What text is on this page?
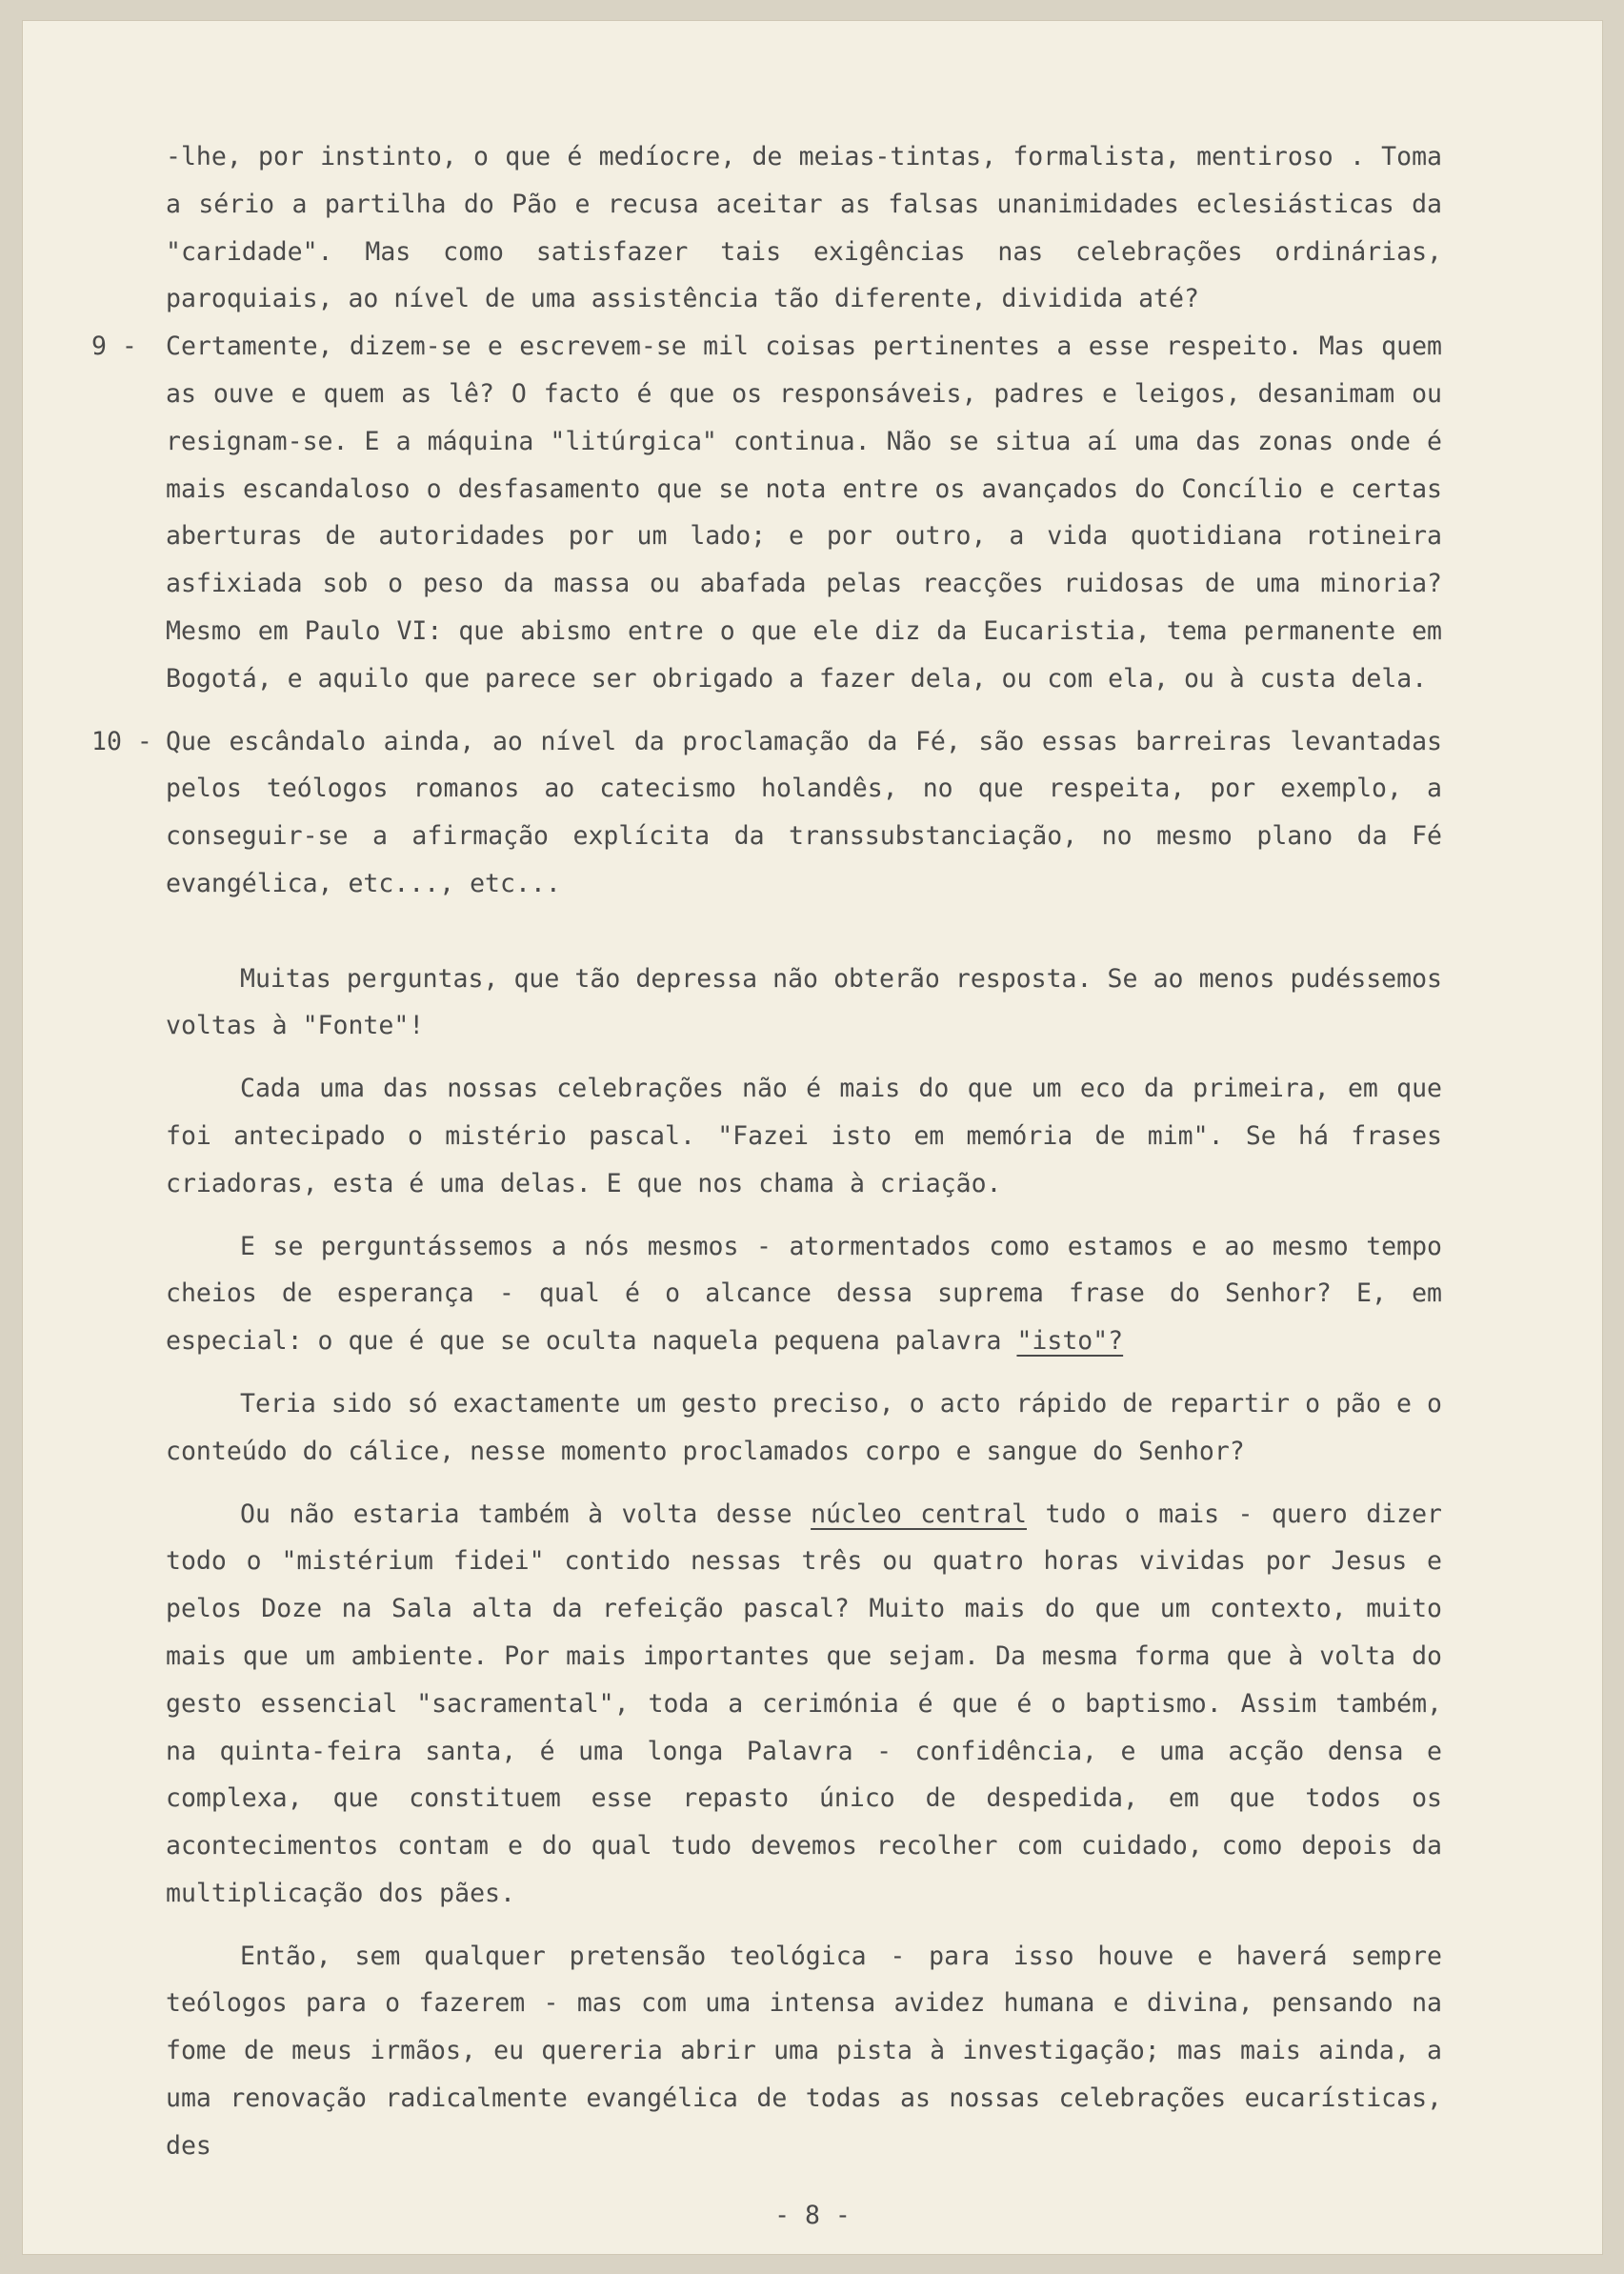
-lhe, por instinto, o que é medíocre, de meias-tintas, formalista, mentiroso . Toma a sério a partilha do Pão e recusa aceitar as falsas unanimidades eclesiásticas da "caridade". Mas como satisfazer tais exigências nas celebrações ordinárias, paroquiais, ao nível de uma assistência tão diferente, dividida até?

9 -	Certamente, dizem-se e escrevem-se mil coisas pertinentes a esse respeito. Mas quem as ouve e quem as lê? O facto é que os responsáveis, padres e leigos, desanimam ou resignam-se. E a máquina "litúrgica" continua. Não se situa aí uma das zonas onde é mais escandaloso o desfasamento que se nota entre os avançados do Concílio e certas aberturas de autoridades por um lado; e por outro, a vida quotidiana rotineira asfixiada sob o peso da massa ou abafada pelas reacções ruidosas de uma minoria? Mesmo em Paulo VI: que abismo entre o que ele diz da Eucaristia, tema permanente em Bogotá, e aquilo que parece ser obrigado a fazer dela, ou com ela, ou à custa dela.
10 - Que escândalo ainda, ao nível da proclamação da Fé, são essas barreiras levantadas pelos teólogos romanos ao catecismo holandês, no que respeita, por exemplo, a conseguir-se a afirmação explícita da transsubstanciação, no mesmo plano da Fé evangélica, etc..., etc...

Muitas perguntas, que tão depressa não obterão resposta. Se ao menos pudéssemos voltas à "Fonte"!

Cada uma das nossas celebrações não é mais do que um eco da primeira, em que foi antecipado o mistério pascal. "Fazei isto em memória de mim". Se há frases criadoras, esta é uma delas. E que nos chama à criação.

E se perguntássemos a nós mesmos - atormentados como estamos e ao mesmo tempo cheios de esperança - qual é o alcance dessa suprema frase do Senhor? E, em especial: o que é que se oculta naquela pequena palavra "isto"?

Teria sido só exactamente um gesto preciso, o acto rápido de repartir o pão e o conteúdo do cálice, nesse momento proclamados corpo e sangue do Senhor?

Ou não estaria também à volta desse núcleo central tudo o mais - quero dizer todo o "mistérium fidei" contido nessas três ou quatro horas vividas por Jesus e pelos Doze na Sala alta da refeição pascal? Muito mais do que um contexto, muito mais que um ambiente. Por mais importantes que sejam. Da mesma forma que à volta do gesto essencial "sacramental", toda a cerimónia é que é o baptismo. Assim também, na quinta-feira santa, é uma longa Palavra - confidência, e uma acção densa e complexa, que constituem esse repasto único de despedida, em que todos os acontecimentos contam e do qual tudo devemos recolher com cuidado, como depois da multiplicação dos pães.

Então, sem qualquer pretensão teológica - para isso houve e haverá sempre teólogos para o fazerem - mas com uma intensa avidez humana e divina, pensando na fome de meus irmãos, eu quereria abrir uma pista à investigação; mas mais ainda, a uma renovação radicalmente evangélica de todas as nossas celebrações eucarísticas, des

- 8 -
